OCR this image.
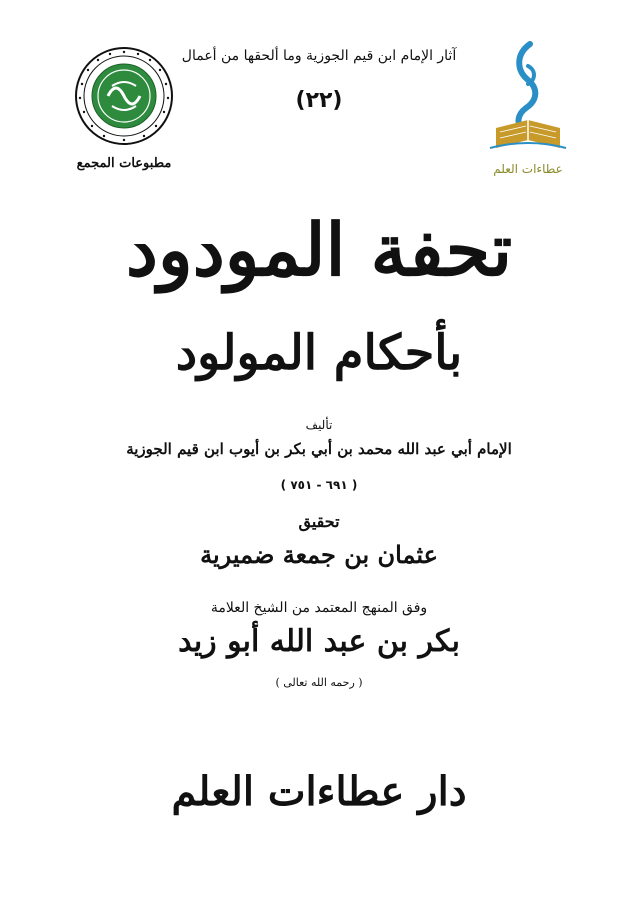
مطبوعات المجمع	عطاءات العلم
آثار الإمام ابن قيم الجوزية وما ألحقها من أعمال
(٢٢)
تحفة المودود
بأحكام المولود
تأليف
الإمام أبي عبد الله محمد بن أبي بكر بن أيوب ابن قيم الجوزية
( ٦٩١ - ٧٥١ )
تحقيق
عثمان بن جمعة ضميرية
وفق المنهج المعتمد من الشيخ العلامة
بكر بن عبد الله أبو زيد
( رحمه الله تعالى )
دار عطاءات العلم
